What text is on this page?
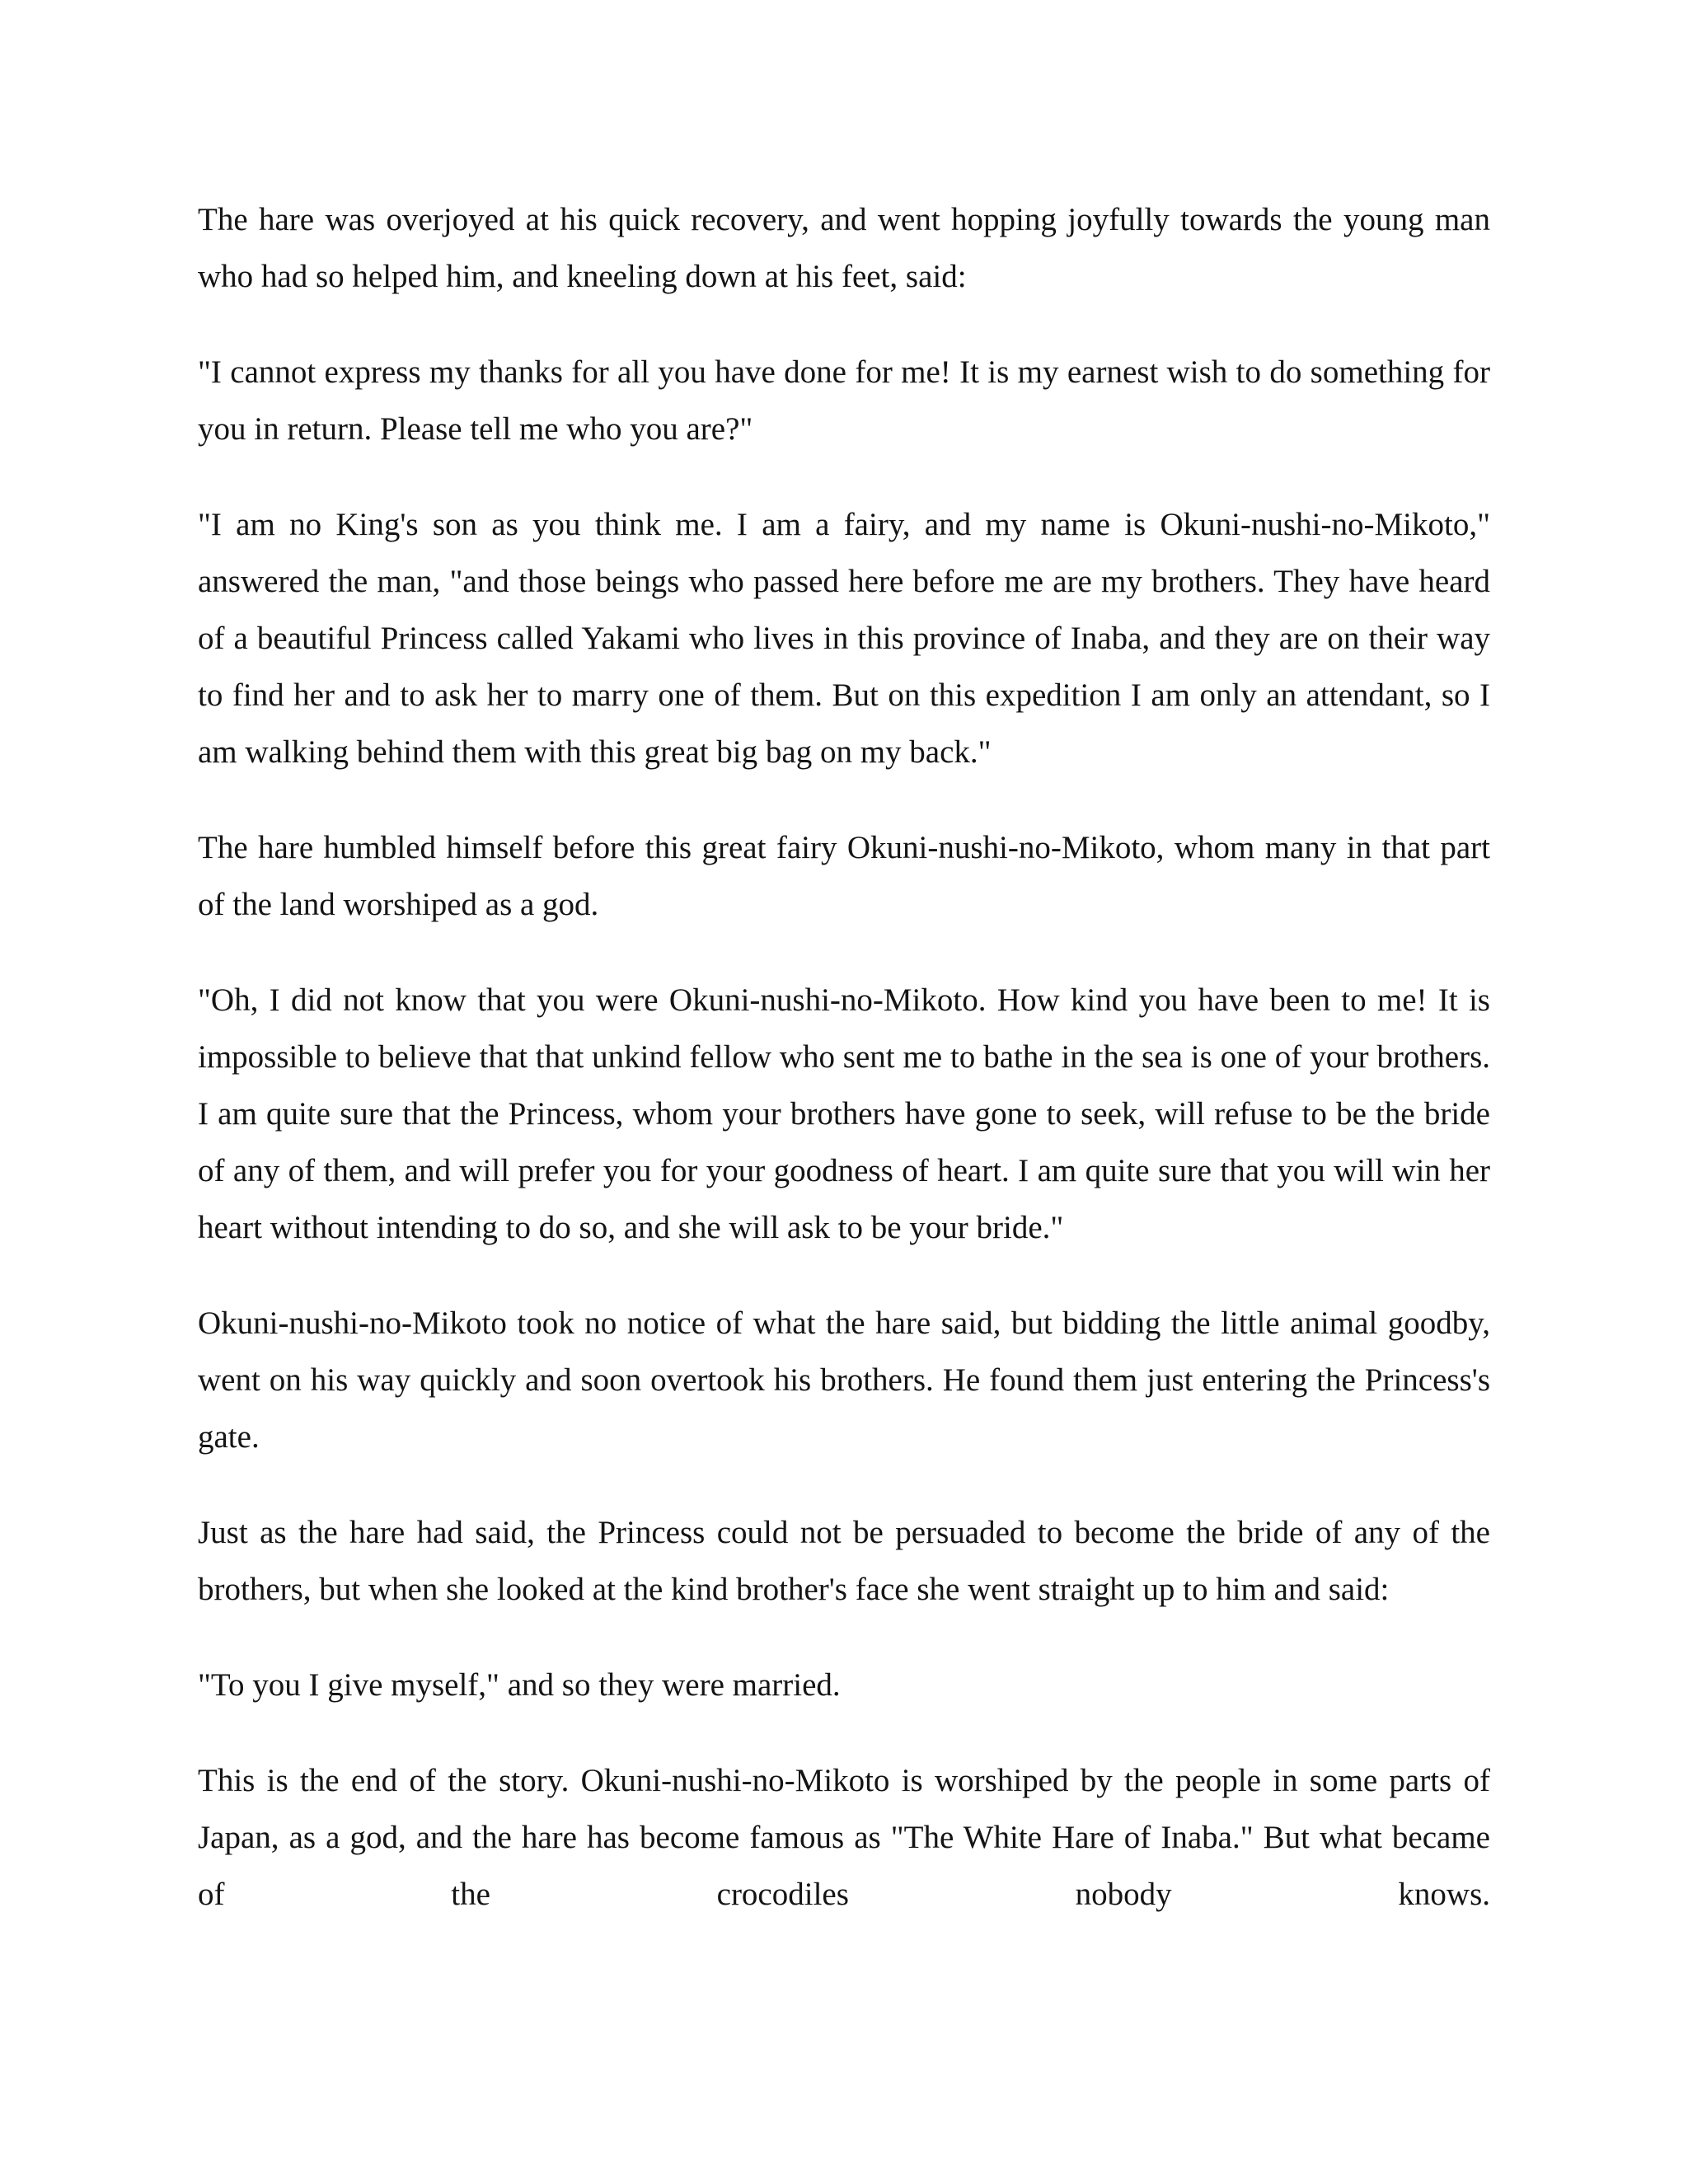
The hare was overjoyed at his quick recovery, and went hopping joyfully towards the young man who had so helped him, and kneeling down at his feet, said:

"I cannot express my thanks for all you have done for me! It is my earnest wish to do something for you in return. Please tell me who you are?"

"I am no King's son as you think me. I am a fairy, and my name is Okuni-nushi-no-Mikoto," answered the man, "and those beings who passed here before me are my brothers. They have heard of a beautiful Princess called Yakami who lives in this province of Inaba, and they are on their way to find her and to ask her to marry one of them. But on this expedition I am only an attendant, so I am walking behind them with this great big bag on my back."

The hare humbled himself before this great fairy Okuni-nushi-no-Mikoto, whom many in that part of the land worshiped as a god.

"Oh, I did not know that you were Okuni-nushi-no-Mikoto. How kind you have been to me! It is impossible to believe that that unkind fellow who sent me to bathe in the sea is one of your brothers. I am quite sure that the Princess, whom your brothers have gone to seek, will refuse to be the bride of any of them, and will prefer you for your goodness of heart. I am quite sure that you will win her heart without intending to do so, and she will ask to be your bride."

Okuni-nushi-no-Mikoto took no notice of what the hare said, but bidding the little animal goodby, went on his way quickly and soon overtook his brothers. He found them just entering the Princess's gate.

Just as the hare had said, the Princess could not be persuaded to become the bride of any of the brothers, but when she looked at the kind brother's face she went straight up to him and said:

"To you I give myself," and so they were married.

This is the end of the story. Okuni-nushi-no-Mikoto is worshiped by the people in some parts of Japan, as a god, and the hare has become famous as "The White Hare of Inaba." But what became of the crocodiles nobody knows.
